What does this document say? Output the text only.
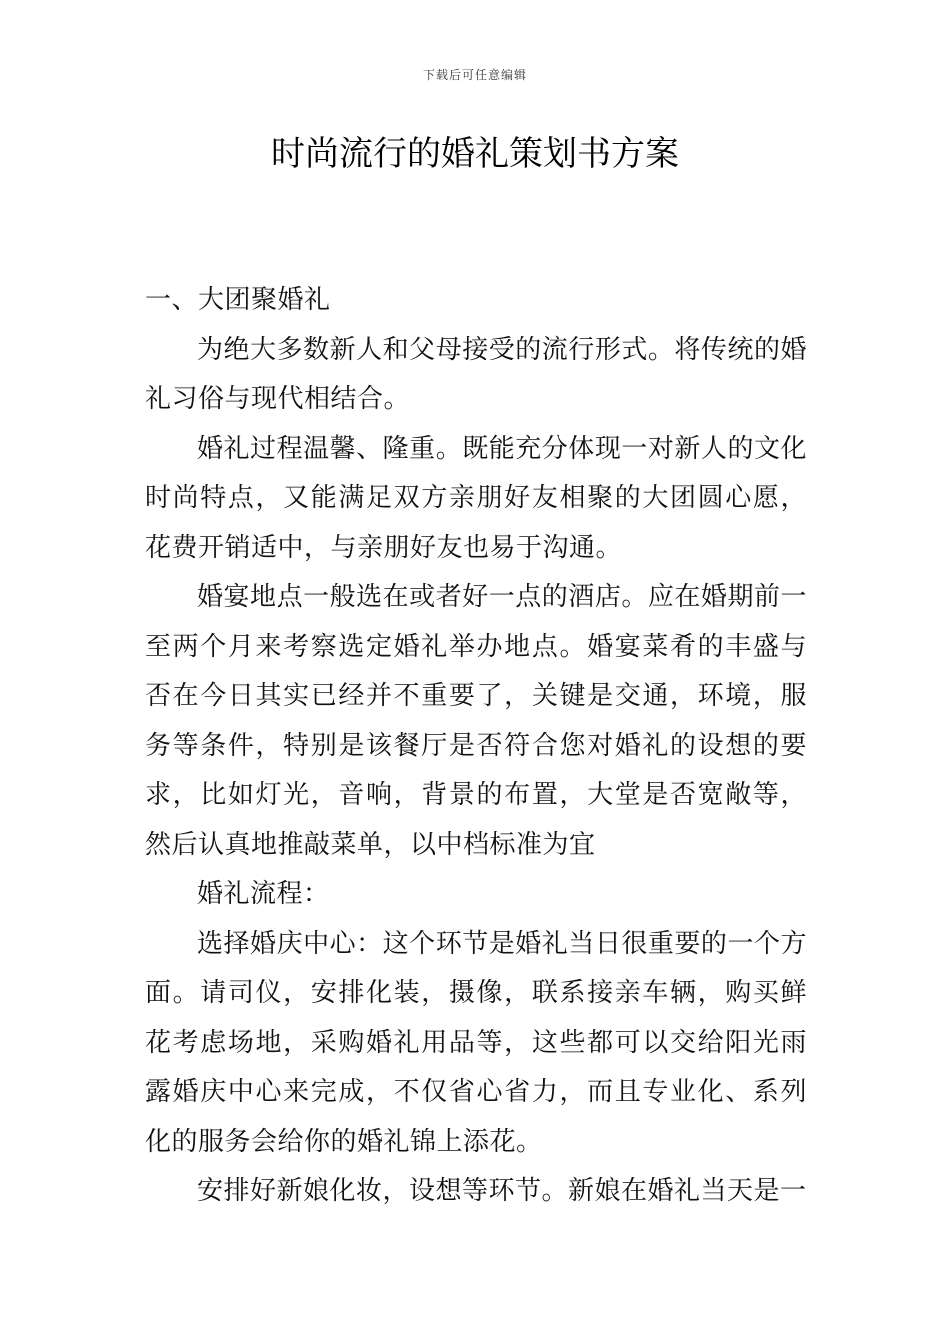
下载后可任意编辑
时尚流行的婚礼策划书方案

一、大团聚婚礼

为绝大多数新人和父母接受的流行形式。将传统的婚礼习俗与现代相结合。

婚礼过程温馨、隆重。既能充分体现一对新人的文化时尚特点，又能满足双方亲朋好友相聚的大团圆心愿，花费开销适中，与亲朋好友也易于沟通。

婚宴地点一般选在或者好一点的酒店。应在婚期前一至两个月来考察选定婚礼举办地点。婚宴菜肴的丰盛与否在今日其实已经并不重要了，关键是交通，环境，服务等条件，特别是该餐厅是否符合您对婚礼的设想的要求，比如灯光，音响，背景的布置，大堂是否宽敞等，然后认真地推敲菜单，以中档标准为宜

婚礼流程：

选择婚庆中心：这个环节是婚礼当日很重要的一个方面。请司仪，安排化装，摄像，联系接亲车辆，购买鲜花考虑场地，采购婚礼用品等，这些都可以交给阳光雨露婚庆中心来完成，不仅省心省力，而且专业化、系列化的服务会给你的婚礼锦上添花。

安排好新娘化妆，设想等环节。新娘在婚礼当天是一
